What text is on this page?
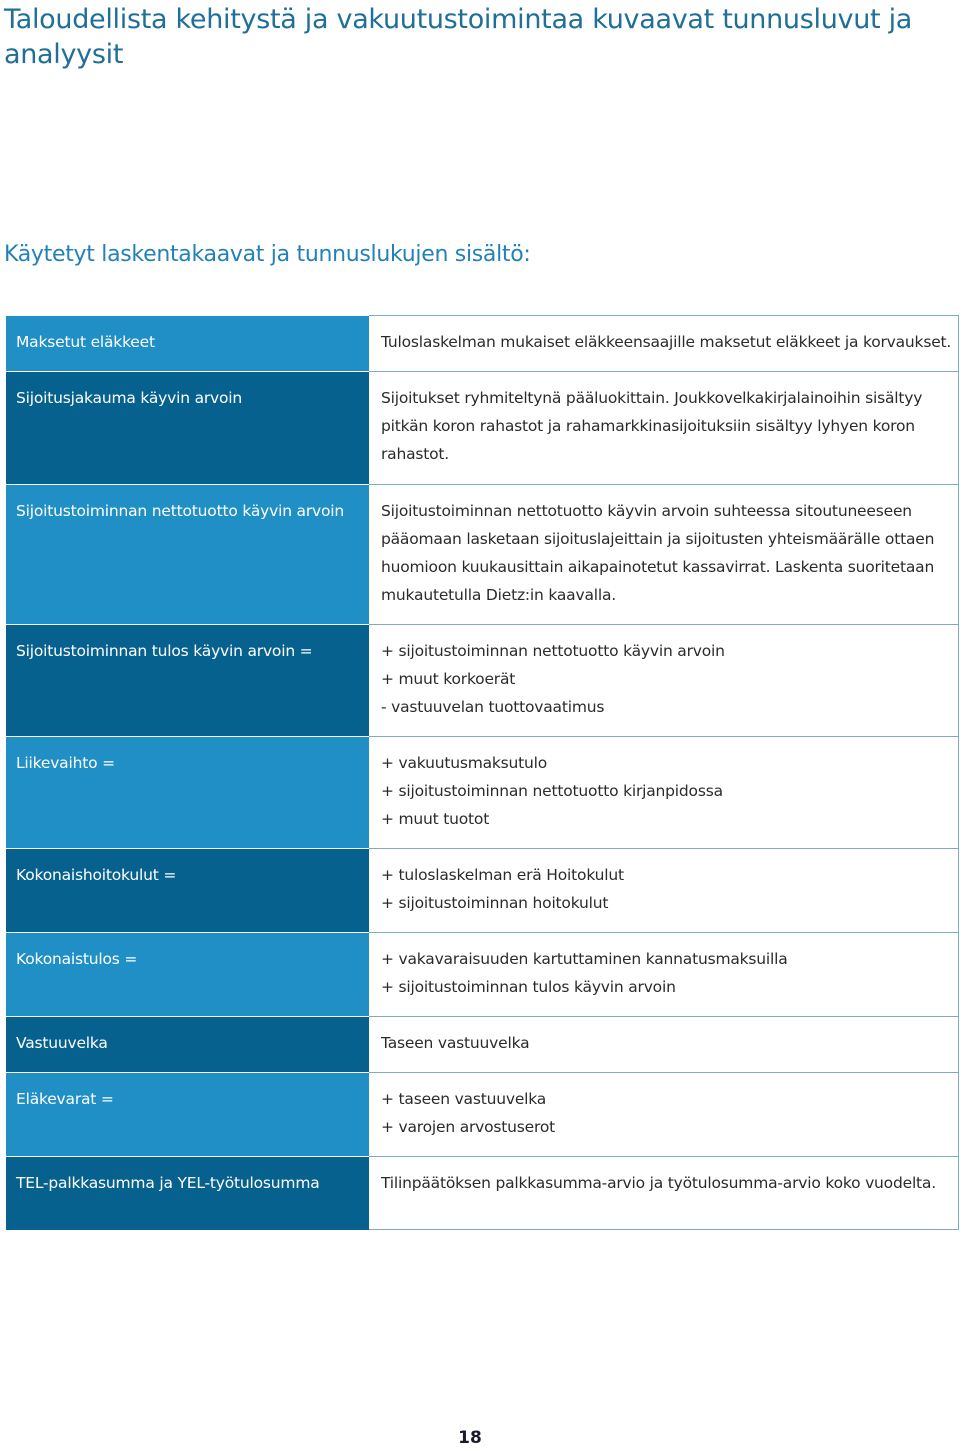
Taloudellista kehitystä ja vakuutustoimintaa kuvaavat tunnusluvut ja analyysit
Käytetyt laskentakaavat ja tunnuslukujen sisältö:
Maksetut eläkkeet	Tuloslaskelman mukaiset eläkkeensaajille maksetut eläkkeet ja korvaukset.

Sijoitusjakauma käyvin arvoin	Sijoitukset ryhmiteltynä pääluokittain. Joukkovelkakirjalainoihin sisältyy pitkän koron rahastot ja rahamarkkinasijoituksiin sisältyy lyhyen koron rahastot.

Sijoitustoiminnan nettotuotto käyvin arvoin	Sijoitustoiminnan nettotuotto käyvin arvoin suhteessa sitoutuneeseen pääomaan lasketaan sijoituslajeittain ja sijoitusten yhteismäärälle ottaen huomioon kuukausittain aikapainotetut kassavirrat. Laskenta suoritetaan mukautetulla Dietz:in kaavalla.

Sijoitustoiminnan tulos käyvin arvoin =	+ sijoitustoiminnan nettotuotto käyvin arvoin
+ muut korkoerät
- vastuuvelan tuottovaatimus

Liikevaihto =	+ vakuutusmaksutulo
+ sijoitustoiminnan nettotuotto kirjanpidossa
+ muut tuotot

Kokonaishoitokulut =	+ tuloslaskelman erä Hoitokulut
+ sijoitustoiminnan hoitokulut

Kokonaistulos =	+ vakavaraisuuden kartuttaminen kannatusmaksuilla
+ sijoitustoiminnan tulos käyvin arvoin

Vastuuvelka	Taseen vastuuvelka

Eläkevarat =	+ taseen vastuuvelka
+ varojen arvostuserot

TEL-palkkasumma ja YEL-työtulosumma	Tilinpäätöksen palkkasumma-arvio ja työtulosumma-arvio koko vuodelta.
18
